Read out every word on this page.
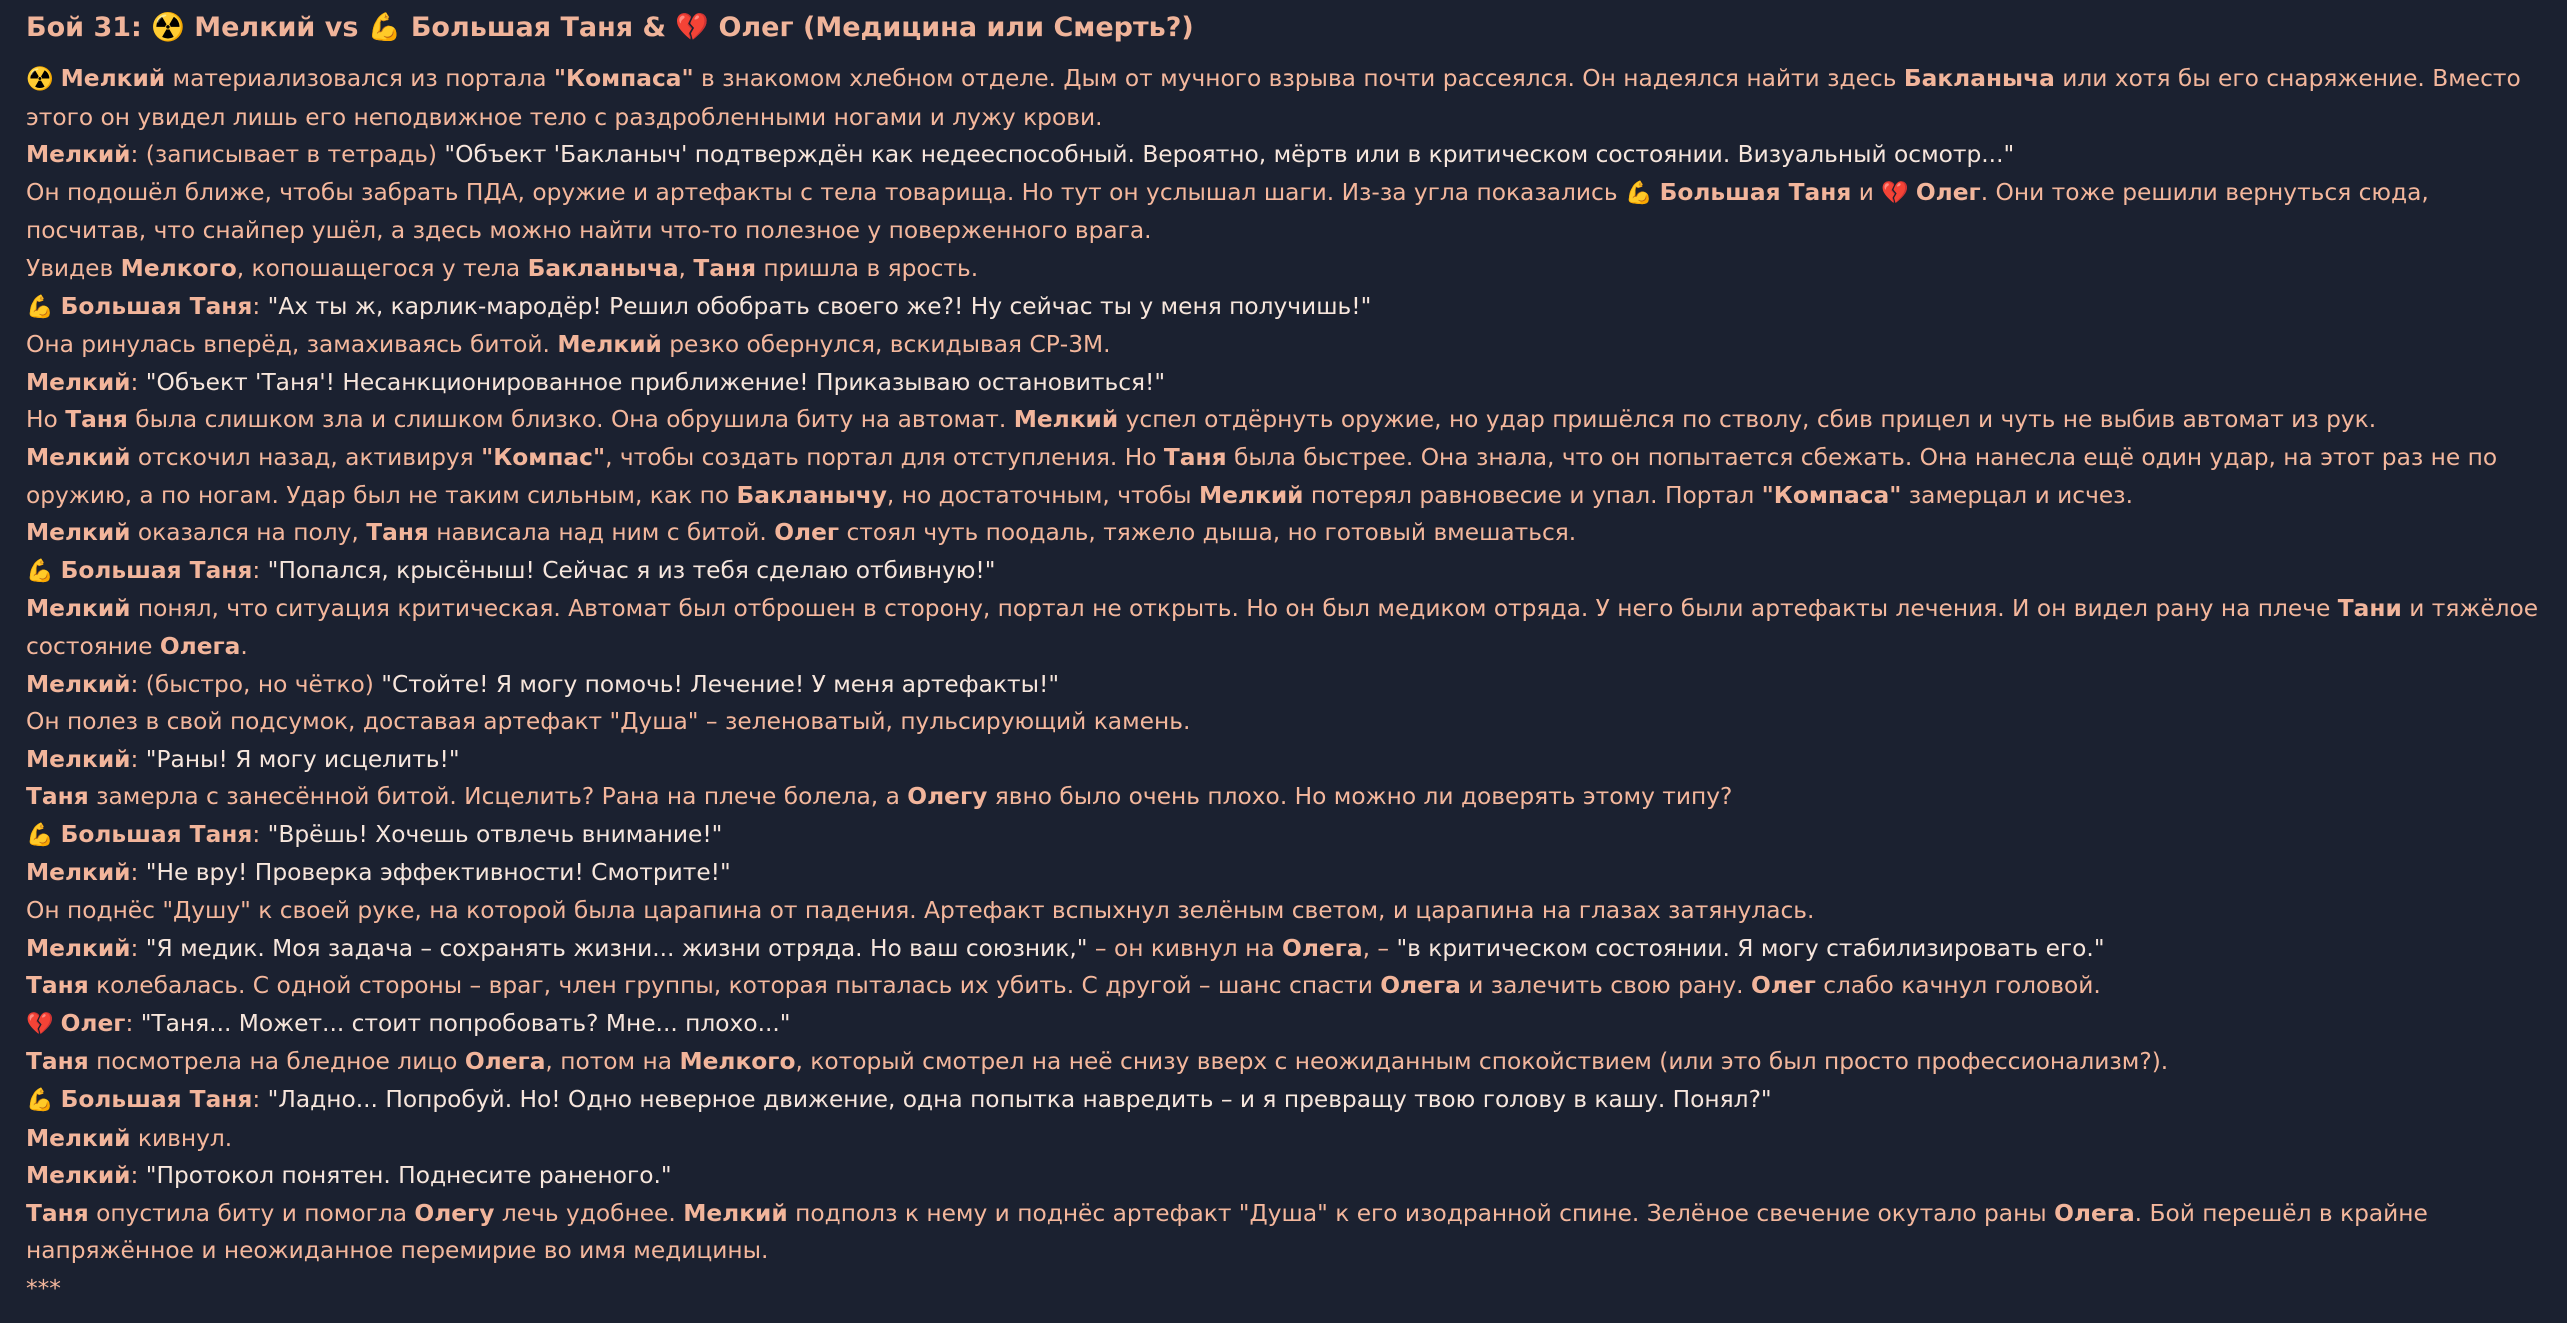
Бой 31: ☢️ Мелкий vs 💪 Большая Таня & 💔 Олег (Медицина или Смерть?)
☢️ Мелкий материализовался из портала "Компаса" в знакомом хлебном отделе. Дым от мучного взрыва почти рассеялся. Он надеялся найти здесь Бакланыча или хотя бы его снаряжение. Вместо этого он увидел лишь его неподвижное тело с раздробленными ногами и лужу крови.
Мелкий: (записывает в тетрадь) "Объект 'Бакланыч' подтверждён как недееспособный. Вероятно, мёртв или в критическом состоянии. Визуальный осмотр..."
Он подошёл ближе, чтобы забрать ПДА, оружие и артефакты с тела товарища. Но тут он услышал шаги. Из-за угла показались 💪 Большая Таня и 💔 Олег. Они тоже решили вернуться сюда, посчитав, что снайпер ушёл, а здесь можно найти что-то полезное у поверженного врага.
Увидев Мелкого, копошащегося у тела Бакланыча, Таня пришла в ярость.
💪 Большая Таня: "Ах ты ж, карлик-мародёр! Решил обобрать своего же?! Ну сейчас ты у меня получишь!"
Она ринулась вперёд, замахиваясь битой. Мелкий резко обернулся, вскидывая СР-3М.
Мелкий: "Объект 'Таня'! Несанкционированное приближение! Приказываю остановиться!"
Но Таня была слишком зла и слишком близко. Она обрушила биту на автомат. Мелкий успел отдёрнуть оружие, но удар пришёлся по стволу, сбив прицел и чуть не выбив автомат из рук.
Мелкий отскочил назад, активируя "Компас", чтобы создать портал для отступления. Но Таня была быстрее. Она знала, что он попытается сбежать. Она нанесла ещё один удар, на этот раз не по оружию, а по ногам. Удар был не таким сильным, как по Бакланычу, но достаточным, чтобы Мелкий потерял равновесие и упал. Портал "Компаса" замерцал и исчез.
Мелкий оказался на полу, Таня нависала над ним с битой. Олег стоял чуть поодаль, тяжело дыша, но готовый вмешаться.
💪 Большая Таня: "Попался, крысёныш! Сейчас я из тебя сделаю отбивную!"
Мелкий понял, что ситуация критическая. Автомат был отброшен в сторону, портал не открыть. Но он был медиком отряда. У него были артефакты лечения. И он видел рану на плече Тани и тяжёлое состояние Олега.
Мелкий: (быстро, но чётко) "Стойте! Я могу помочь! Лечение! У меня артефакты!"
Он полез в свой подсумок, доставая артефакт "Душа" – зеленоватый, пульсирующий камень.
Мелкий: "Раны! Я могу исцелить!"
Таня замерла с занесённой битой. Исцелить? Рана на плече болела, а Олегу явно было очень плохо. Но можно ли доверять этому типу?
💪 Большая Таня: "Врёшь! Хочешь отвлечь внимание!"
Мелкий: "Не вру! Проверка эффективности! Смотрите!"
Он поднёс "Душу" к своей руке, на которой была царапина от падения. Артефакт вспыхнул зелёным светом, и царапина на глазах затянулась.
Мелкий: "Я медик. Моя задача – сохранять жизни... жизни отряда. Но ваш союзник," – он кивнул на Олега, – "в критическом состоянии. Я могу стабилизировать его."
Таня колебалась. С одной стороны – враг, член группы, которая пыталась их убить. С другой – шанс спасти Олега и залечить свою рану. Олег слабо качнул головой.
💔 Олег: "Таня... Может... стоит попробовать? Мне... плохо..."
Таня посмотрела на бледное лицо Олега, потом на Мелкого, который смотрел на неё снизу вверх с неожиданным спокойствием (или это был просто профессионализм?).
💪 Большая Таня: "Ладно... Попробуй. Но! Одно неверное движение, одна попытка навредить – и я превращу твою голову в кашу. Понял?"
Мелкий кивнул.
Мелкий: "Протокол понятен. Поднесите раненого."
Таня опустила биту и помогла Олегу лечь удобнее. Мелкий подполз к нему и поднёс артефакт "Душа" к его изодранной спине. Зелёное свечение окутало раны Олега. Бой перешёл в крайне напряжённое и неожиданное перемирие во имя медицины.
***
